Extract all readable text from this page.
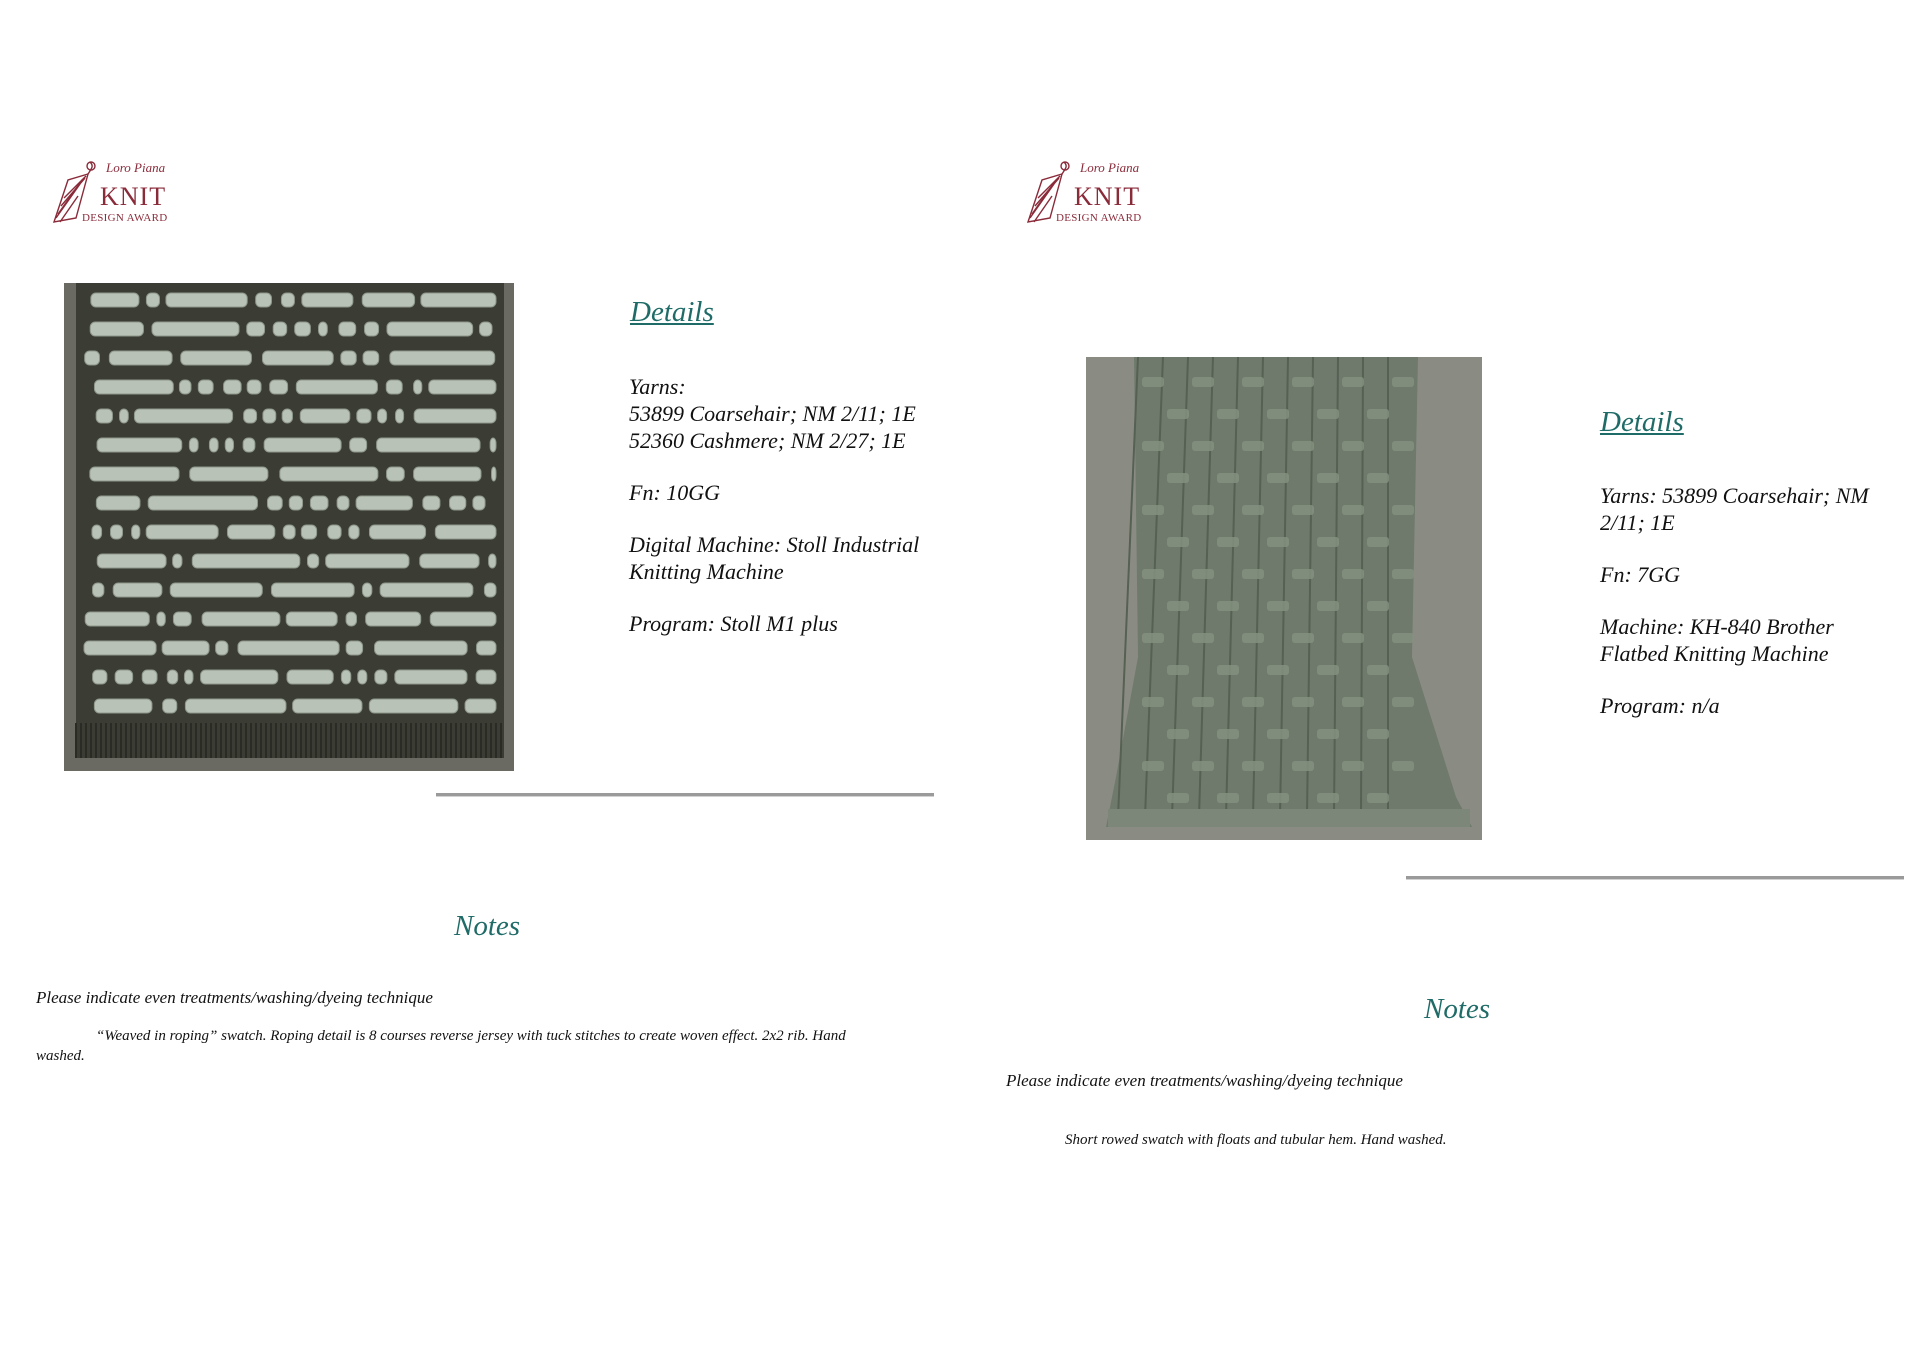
Loro Piana
KNIT
DESIGN AWARD
Details

Yarns:
53899 Coarsehair; NM 2/11; 1E
52360 Cashmere; NM 2/27; 1E

Fn: 10GG

Digital Machine: Stoll Industrial
Knitting Machine

Program: Stoll M1 plus

Notes
Please indicate even treatments/washing/dyeing technique
“Weaved in roping” swatch. Roping detail is 8 courses reverse jersey with tuck stitches to create woven effect. 2x2 rib. Hand
washed.
Loro Piana
KNIT
DESIGN AWARD
Details

Yarns: 53899 Coarsehair; NM
2/11; 1E

Fn: 7GG

Machine: KH-840 Brother
Flatbed Knitting Machine

Program: n/a

Notes
Please indicate even treatments/washing/dyeing technique
Short rowed swatch with floats and tubular hem. Hand washed.
